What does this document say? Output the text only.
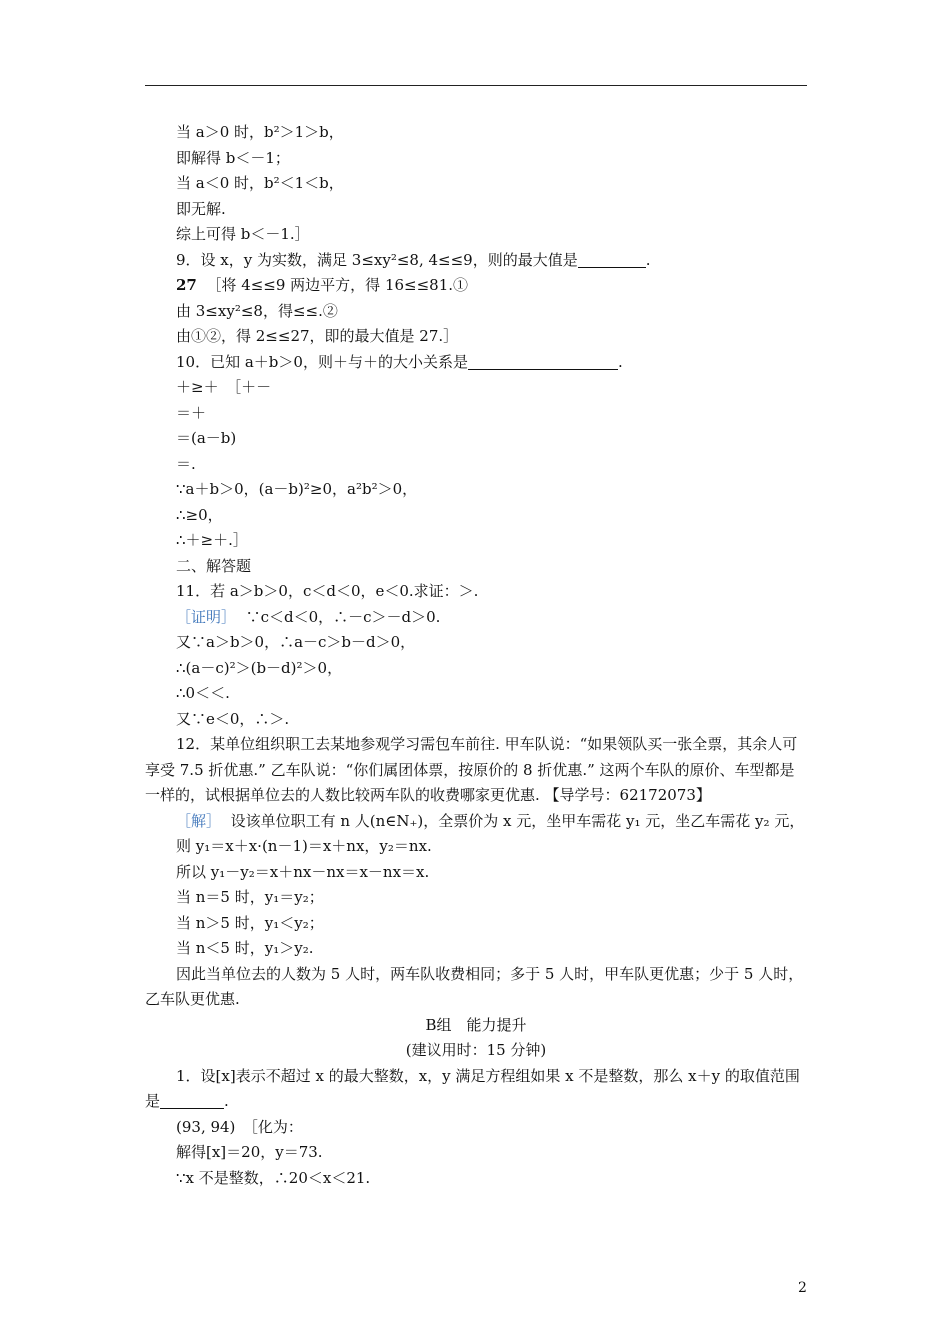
当 a＞0 时，b²＞1＞b，
即解得 b＜－1；
当 a＜0 时，b²＜1＜b，
即无解.
综上可得 b＜－1.］
9．设 x，y 为实数，满足 3≤xy²≤8, 4≤≤9，则的最大值是	.
27 ［将 4≤≤9 两边平方，得 16≤≤81.①
由 3≤xy²≤8，得≤≤.②
由①②，得 2≤≤27，即的最大值是 27.］
10．已知 a＋b＞0，则＋与＋的大小关系是	.
＋≥＋　［＋－
＝＋
＝(a－b)
＝.
∵a＋b＞0，(a－b)²≥0，a²b²＞0，
∴≥0，
∴＋≥＋.］
二、解答题
11．若 a＞b＞0，c＜d＜0，e＜0.求证：＞.
［证明］ ∵c＜d＜0，∴－c＞－d＞0.
又∵a＞b＞0，∴a－c＞b－d＞0，
∴(a－c)²＞(b－d)²＞0，
∴0＜＜.
又∵e＜0，∴＞.
12．某单位组织职工去某地参观学习需包车前往. 甲车队说：“如果领队买一张全票，其余人可享受 7.5 折优惠.” 乙车队说：“你们属团体票，按原价的 8 折优惠.” 这两个车队的原价、车型都是一样的，试根据单位去的人数比较两车队的收费哪家更优惠. 【导学号：62172073】
［解］ 设该单位职工有 n 人(n∈N₊)，全票价为 x 元，坐甲车需花 y₁ 元，坐乙车需花 y₂ 元，
则 y₁＝x＋x·(n－1)＝x＋nx，y₂＝nx.
所以 y₁－y₂＝x＋nx－nx＝x－nx＝x.
当 n＝5 时，y₁＝y₂；
当 n＞5 时，y₁＜y₂；
当 n＜5 时，y₁＞y₂.
因此当单位去的人数为 5 人时，两车队收费相同；多于 5 人时，甲车队更优惠；少于 5 人时，乙车队更优惠.
B组　能力提升
(建议用时：15 分钟)
1．设[x]表示不超过 x 的最大整数，x，y 满足方程组如果 x 不是整数，那么 x＋y 的取值范围是	.
(93, 94)　［化为：
解得[x]＝20，y＝73.
∵x 不是整数，∴20＜x＜21.
2
